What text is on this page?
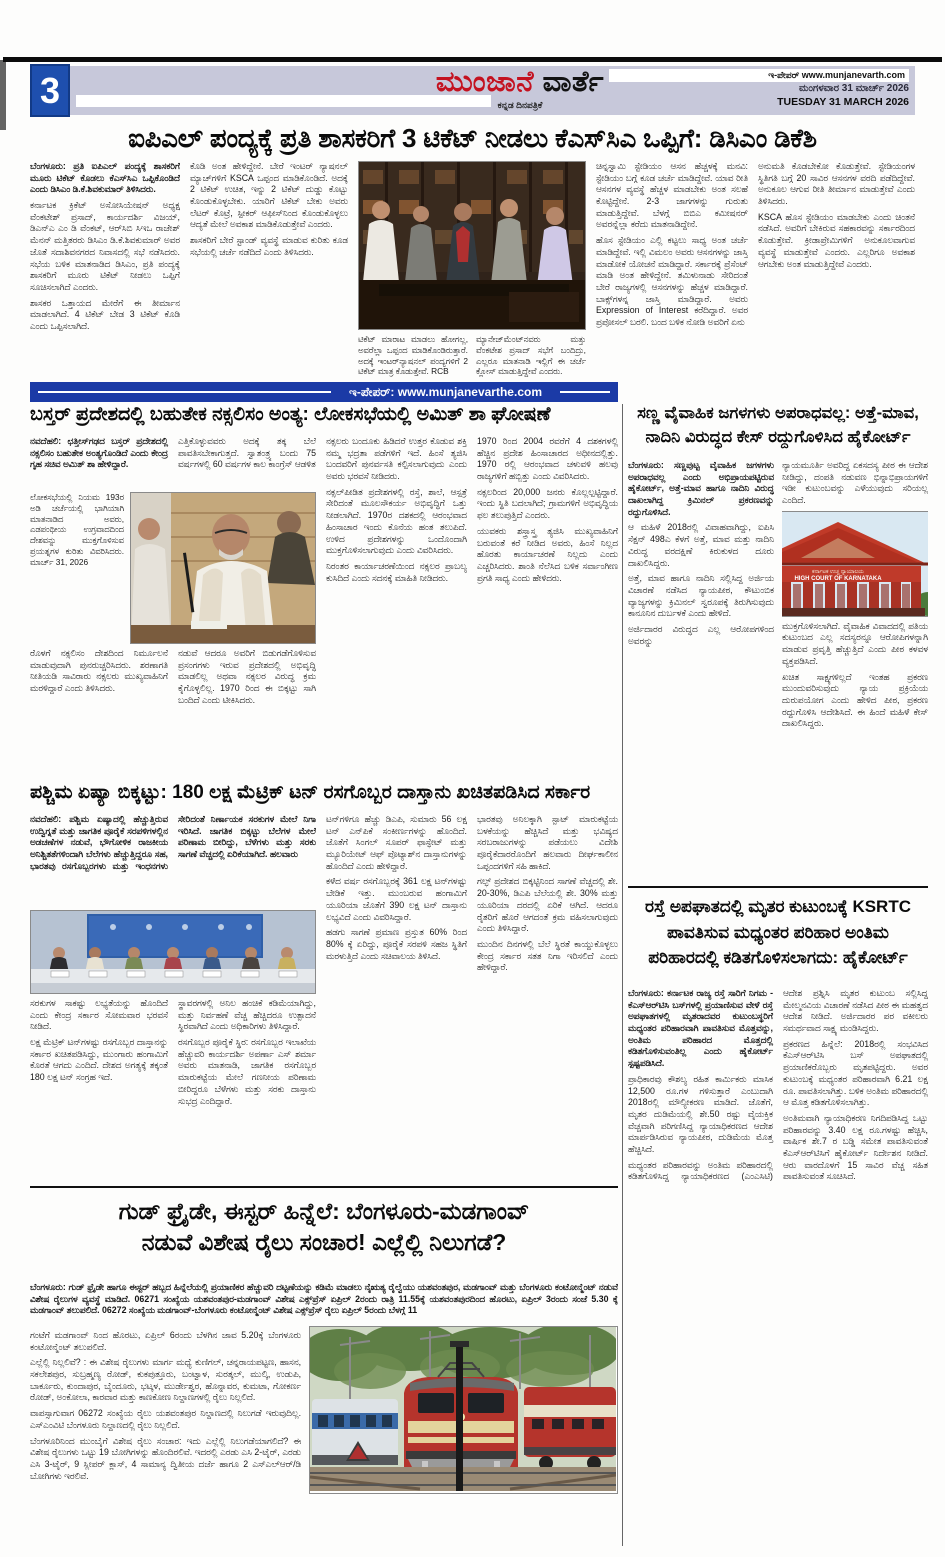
3	ಮುಂಜಾನೆ ವಾರ್ತೆ
ಕನ್ನಡ ದಿನಪತ್ರಿಕೆ
ಇ-ಪೇಪರ್ www.munjanevarth.com
ಮಂಗಳವಾರ 31 ಮಾರ್ಚ್ 2026
TUESDAY 31 MARCH 2026
ಐಪಿಎಲ್ ಪಂದ್ಯಕ್ಕೆ ಪ್ರತಿ ಶಾಸಕರಿಗೆ 3 ಟಿಕೆಟ್ ನೀಡಲು ಕೆಎಸ್‌ಸಿಎ ಒಪ್ಪಿಗೆ: ಡಿಸಿಎಂ ಡಿಕೆಶಿ

ಬೆಂಗಳೂರು: ಪ್ರತಿ ಐಪಿಎಲ್ ಪಂದ್ಯಕ್ಕೆ ಶಾಸಕರಿಗೆ ಮೂರು ಟಿಕೆಟ್ ಕೊಡಲು ಕೆಎಸ್‌ಸಿಎ ಒಪ್ಪಿಕೊಂಡಿದೆ ಎಂದು ಡಿಸಿಎಂ ಡಿ.ಕೆ.ಶಿವಕುಮಾರ್ ತಿಳಿಸಿದರು.

ಕರ್ನಾಟಕ ಕ್ರಿಕೆಟ್ ಅಸೋಸಿಯೇಷನ್ ಅಧ್ಯಕ್ಷ ವೆಂಕಟೇಶ್ ಪ್ರಸಾದ್, ಕಾರ್ಯದರ್ಶಿ ವಿಜಯ್, ಡಿಎನ್‌ಎ ಎಂ ಡಿ ವೆಂಕಟ್, ಆರ್‌ಸಿಬಿ ಸಿಇಒ ರಾಜೇಶ್ ಮೆನನ್ ಮತ್ತಿತರರು ಡಿಸಿಎಂ ಡಿ.ಕೆ.ಶಿವಕುಮಾರ್ ಅವರ ಜೊತೆ ಸದಾಶಿವನಗರದ ನಿವಾಸದಲ್ಲಿ ಸಭೆ ನಡೆಸಿದರು. ಸಭೆಯ ಬಳಿಕ ಮಾತನಾಡಿದ ಡಿಸಿಎಂ, ಪ್ರತಿ ಪಂದ್ಯಕ್ಕೆ ಶಾಸಕರಿಗೆ ಮೂರು ಟಿಕೆಟ್ ನೀಡಲು ಒಪ್ಪಿಗೆ ಸೂಚಿಸಲಾಗಿದೆ ಎಂದರು.

ಶಾಸಕರ ಒತ್ತಾಯದ ಮೇರೆಗೆ ಈ ತೀರ್ಮಾನ ಮಾಡಲಾಗಿದೆ. 4 ಟಿಕೆಟ್ ಬೇಡ 3 ಟಿಕೆಟ್ ಕೊಡಿ ಎಂದು ಒಪ್ಪಿಸಲಾಗಿದೆ.

ಕೊಡಿ ಅಂತ ಹೇಳಿದ್ದೇನೆ. ಬೇರೆ ಇಂಟರ್ ನ್ಯಾಷನಲ್ ಮ್ಯಾಚ್‌ಗಳಿಗೆ KSCA ಒಪ್ಪಂದ ಮಾಡಿಕೊಂಡಿದೆ. ಅದಕ್ಕೆ 2 ಟಿಕೆಟ್ ಉಚಿತ, ಇನ್ನು 2 ಟಿಕೆಟ್ ದುಡ್ಡು ಕೊಟ್ಟು ಕೊಂಡುಕೊಳ್ಳಬೇಕು. ಯಾರಿಗೆ ಟಿಕೆಟ್ ಬೇಕು ಅವರು ಲೆಟರ್ ಕೊಟ್ರೆ, ಸ್ಪೀಕರ್ ಆಫೀಸ್‌ನಿಂದ ಕೊಂಡುಕೊಳ್ಳಲು ಆದ್ಯತೆ ಮೇಲೆ ಅವಕಾಶ ಮಾಡಿಕೊಡುತ್ತೇವೆ ಎಂದರು.

ಶಾಸಕರಿಗೆ ಬೇರೆ ಸ್ಟಾಂಡ್ ವ್ಯವಸ್ಥೆ ಮಾಡುವ ಕುರಿತು ಕೂಡ ಸಭೆಯಲ್ಲಿ ಚರ್ಚೆ ನಡೆದಿದೆ ಎಂದು ತಿಳಿಸಿದರು.

ಟಿಕೆಟ್ ಮಾರಾಟ ಮಾಡಲು ಹೋಗಲ್ಲ, ಅವರೆಲ್ಲಾ ಒಪ್ಪಂದ ಮಾಡಿಕೊಂಡಿರುತ್ತಾರೆ. ಅದಕ್ಕೆ ಇಂಟರ್‌ನ್ಯಾಷನಲ್ ಪಂದ್ಯಗಳಿಗೆ 2 ಟಿಕೆಟ್ ಮಾತ್ರ ಕೊಡುತ್ತೇವೆ. RCB

ಮ್ಯಾನೇಜ್‌ಮೆಂಟ್‌ನವರು ಮತ್ತು ವೆಂಕಟೇಶ ಪ್ರಸಾದ್ ಸಭೆಗೆ ಬಂದಿದ್ರು, ಎಲ್ಲರೂ ಮಾತನಾಡಿ ಇಲ್ಲಿಗೆ ಈ ಚರ್ಚೆ ಕ್ಲೋಸ್ ಮಾಡುತ್ತಿದ್ದೇವೆ ಎಂದರು.

ಚಿನ್ನಸ್ವಾಮಿ ಸ್ಟೇಡಿಯಂ ಆಸನ ಹೆಚ್ಚಳಕ್ಕೆ ಮನವಿ: ಸ್ಟೇಡಿಯಂ ಬಗ್ಗೆ ಕೂಡ ಚರ್ಚೆ ಮಾಡಿದ್ದೇವೆ. ಯಾವ ರೀತಿ ಆಸನಗಳ ವ್ಯವಸ್ಥೆ ಹೆಚ್ಚಳ ಮಾಡಬೇಕು ಅಂತ ಸಲಹೆ ಕೊಟ್ಟಿದ್ದೇನೆ. 2-3 ಜಾಗಗಳನ್ನು ಗುರುತು ಮಾಡುತ್ತಿದ್ದೇವೆ. ಬೆಳಗ್ಗೆ ಬಿಬಿಎ ಕಮೀಷನರ್ ಅವರನ್ನೆಲ್ಲಾ ಕರೆದು ಮಾತನಾಡಿದ್ದೇನೆ.

ಹೊಸ ಸ್ಟೇಡಿಯಂ ಎಲ್ಲಿ ಕಟ್ಟಲು ಸಾಧ್ಯ ಅಂತ ಚರ್ಚೆ ಮಾಡಿದ್ದೇವೆ. ಇಲ್ಲಿ ವಿಮಲಂ ಅವರು ಆಸನಗಳನ್ನು ಜಾಸ್ತಿ ಮಾಡೋಕೆ ಯೋಚನೆ ಮಾಡಿದ್ದಾರೆ. ಸರ್ಕಾರಕ್ಕೆ ಪ್ರೆಸೆಂಟ್ ಮಾಡಿ ಅಂತ ಹೇಳಿದ್ದೇನೆ. ತಮಿಳುನಾಡು ಸೇರಿದಂತೆ ಬೇರೆ ರಾಜ್ಯಗಳಲ್ಲಿ ಆಸನಗಳನ್ನು ಹೆಚ್ಚಳ ಮಾಡಿದ್ದಾರೆ. ಬಾಕ್ಸ್‌ಗಳನ್ನ ಜಾಸ್ತಿ ಮಾಡಿದ್ದಾರೆ. ಅವರು Expression of Interest ಕರೆದಿದ್ದಾರೆ. ಅವರ ಪ್ರಪೋಸಲ್ ಬರಲಿ. ಬಂದ ಬಳಿಕ ನೋಡಿ ಅವರಿಗೆ ಏನು

ಅನುಮತಿ ಕೊಡಬೇಕೋ ಕೊಡುತ್ತೇವೆ. ಸ್ಟೇಡಿಯಂಗಳ ಸ್ಥಿತಿಗತಿ ಬಗ್ಗೆ 20 ಸಾವಿರ ಆಸನಗಳ ವರದಿ ಪಡೆದಿದ್ದೇವೆ. ಅನುಕೂಲ ಆಗುವ ರೀತಿ ತೀರ್ಮಾನ ಮಾಡುತ್ತೇವೆ ಎಂದು ತಿಳಿಸಿದರು.

KSCA ಹೊಸ ಸ್ಟೇಡಿಯಂ ಮಾಡಬೇಕು ಎಂದು ಚಿಂತನೆ ನಡೆಸಿದೆ. ಅವರಿಗೆ ಬೇಕಿರುವ ಸಹಕಾರವನ್ನು ಸರ್ಕಾರದಿಂದ ಕೊಡುತ್ತೇವೆ. ಕ್ರೀಡಾಪ್ರೇಮಿಗಳಿಗೆ ಅನುಕೂಲವಾಗುವ ವ್ಯವಸ್ಥೆ ಮಾಡುತ್ತೇವೆ ಎಂದರು. ಎಲ್ಲರಿಗೂ ಅವಕಾಶ ಆಗಬೇಕು ಅಂತ ಮಾಡುತ್ತಿದ್ದೇವೆ ಎಂದರು.

ಇ-ಪೇಪರ್: www.munjanevarthe.com
ಬಸ್ತರ್ ಪ್ರದೇಶದಲ್ಲಿ ಬಹುತೇಕ ನಕ್ಸಲಿಸಂ ಅಂತ್ಯ: ಲೋಕಸಭೆಯಲ್ಲಿ ಅಮಿತ್ ಶಾ ಘೋಷಣೆ

ನವದೆಹಲಿ: ಛತ್ತೀಸ್‌ಗಢದ ಬಸ್ತರ್ ಪ್ರದೇಶದಲ್ಲಿ ನಕ್ಸಲಿಸಂ ಬಹುತೇಕ ಅಂತ್ಯಗೊಂಡಿದೆ ಎಂದು ಕೇಂದ್ರ ಗೃಹ ಸಚಿವ ಅಮಿತ್ ಶಾ ಹೇಳಿದ್ದಾರೆ.

ಎತ್ತಿಕೊಳ್ಳುವವರು ಅದಕ್ಕೆ ತಕ್ಕ ಬೆಲೆ ಪಾವತಿಸಬೇಕಾಗುತ್ತದೆ. ಸ್ವಾತಂತ್ರ್ಯ ಬಂದು 75 ವರ್ಷಗಳಲ್ಲಿ 60 ವರ್ಷಗಳ ಕಾಲ ಕಾಂಗ್ರೆಸ್ ಆಡಳಿತ

ಲೋಕಸಭೆಯಲ್ಲಿ ನಿಯಮ 193ರ ಅಡಿ ಚರ್ಚೆಯಲ್ಲಿ ಭಾಗಿಯಾಗಿ ಮಾತನಾಡಿದ ಅವರು, ಎಡಪಂಥೀಯ ಉಗ್ರವಾದದಿಂದ ದೇಶವನ್ನು ಮುಕ್ತಗೊಳಿಸುವ ಪ್ರಯತ್ನಗಳ ಕುರಿತು ವಿವರಿಸಿದರು. ಮಾರ್ಚ್ 31, 2026

ರೊಳಗೆ ನಕ್ಸಲಿಸಂ ದೇಶದಿಂದ ನಿರ್ಮೂಲನೆ ಮಾಡುವುದಾಗಿ ಪುನರುಚ್ಚರಿಸಿದರು. ಶರಣಾಗತಿ ನೀತಿಯಡಿ ಸಾವಿರಾರು ನಕ್ಸಲರು ಮುಖ್ಯವಾಹಿನಿಗೆ ಮರಳಿದ್ದಾರೆ ಎಂದು ತಿಳಿಸಿದರು.

ನಡುವೆ ಆದರೂ ಅವರಿಗೆ ಬಿಡುಗಡೆಗೊಳಿಸುವ ಪ್ರಸಂಗಗಳು ಇರುವ ಪ್ರದೇಶದಲ್ಲಿ ಅಭಿವೃದ್ಧಿ ಮಾಡಲಿಲ್ಲ ಅಥವಾ ನಕ್ಸಲರ ವಿರುದ್ಧ ಕ್ರಮ ಕೈಗೊಳ್ಳಲಿಲ್ಲ. 1970 ರಿಂದ ಈ ಬಿಕ್ಕಟ್ಟು ಸಾಗಿ ಬಂದಿದೆ ಎಂದು ಟೀಕಿಸಿದರು.

ನಕ್ಸಲರು ಬಂದೂಕು ಹಿಡಿದರೆ ಉತ್ತರ ಕೊಡುವ ಶಕ್ತಿ ನಮ್ಮ ಭದ್ರತಾ ಪಡೆಗಳಿಗೆ ಇದೆ. ಹಿಂಸೆ ತ್ಯಜಿಸಿ ಬಂದವರಿಗೆ ಪುನರ್ವಸತಿ ಕಲ್ಪಿಸಲಾಗುವುದು ಎಂದು ಅವರು ಭರವಸೆ ನೀಡಿದರು.

ನಕ್ಸಲ್‌ಪೀಡಿತ ಪ್ರದೇಶಗಳಲ್ಲಿ ರಸ್ತೆ, ಶಾಲೆ, ಆಸ್ಪತ್ರೆ ಸೇರಿದಂತೆ ಮೂಲಸೌಕರ್ಯ ಅಭಿವೃದ್ಧಿಗೆ ಒತ್ತು ನೀಡಲಾಗಿದೆ. 1970ರ ದಶಕದಲ್ಲಿ ಆರಂಭವಾದ ಹಿಂಸಾಚಾರ ಇಂದು ಕೊನೆಯ ಹಂತ ತಲುಪಿದೆ. ಉಳಿದ ಪ್ರದೇಶಗಳನ್ನು ಒಂದೊಂದಾಗಿ ಮುಕ್ತಗೊಳಿಸಲಾಗುವುದು ಎಂದು ವಿವರಿಸಿದರು.

ನಿರಂತರ ಕಾರ್ಯಾಚರಣೆಯಿಂದ ನಕ್ಸಲರ ಪ್ರಾಬಲ್ಯ ಕುಸಿದಿದೆ ಎಂದು ಸದನಕ್ಕೆ ಮಾಹಿತಿ ನೀಡಿದರು.

1970 ರಿಂದ 2004 ರವರೆಗೆ 4 ದಶಕಗಳಲ್ಲಿ ಹೆಚ್ಚಿನ ಪ್ರದೇಶ ಹಿಂಸಾಚಾರದ ಅಧೀನದಲ್ಲಿತ್ತು. 1970 ರಲ್ಲಿ ಆರಂಭವಾದ ಚಳುವಳಿ ಹಲವು ರಾಜ್ಯಗಳಿಗೆ ಹಬ್ಬಿತ್ತು ಎಂದು ವಿವರಿಸಿದರು.

ನಕ್ಸಲರಿಂದ 20,000 ಜನರು ಕೊಲ್ಲಲ್ಪಟ್ಟಿದ್ದಾರೆ. ಇಂದು ಸ್ಥಿತಿ ಬದಲಾಗಿದೆ; ಗ್ರಾಮಗಳಿಗೆ ಅಭಿವೃದ್ಧಿಯ ಫಲ ತಲುಪುತ್ತಿದೆ ಎಂದರು.

ಯುವಕರು ಶಸ್ತ್ರಾಸ್ತ್ರ ತ್ಯಜಿಸಿ ಮುಖ್ಯವಾಹಿನಿಗೆ ಬರುವಂತೆ ಕರೆ ನೀಡಿದ ಅವರು, ಹಿಂಸೆ ನಿಲ್ಲದ ಹೊರತು ಕಾರ್ಯಾಚರಣೆ ನಿಲ್ಲದು ಎಂದು ಎಚ್ಚರಿಸಿದರು. ಶಾಂತಿ ನೆಲೆಸಿದ ಬಳಿಕ ಸರ್ವಾಂಗೀಣ ಪ್ರಗತಿ ಸಾಧ್ಯ ಎಂದು ಹೇಳಿದರು.

ಪಶ್ಚಿಮ ಏಷ್ಯಾ ಬಿಕ್ಕಟ್ಟು: 180 ಲಕ್ಷ ಮೆಟ್ರಿಕ್ ಟನ್ ರಸಗೊಬ್ಬರ ದಾಸ್ತಾನು ಖಚಿತಪಡಿಸಿದ ಸರ್ಕಾರ

ನವದೆಹಲಿ: ಪಶ್ಚಿಮ ಏಷ್ಯಾದಲ್ಲಿ ಹೆಚ್ಚುತ್ತಿರುವ ಉದ್ವಿಗ್ನತೆ ಮತ್ತು ಜಾಗತಿಕ ಪೂರೈಕೆ ಸರಪಳಿಗಳಲ್ಲಿನ ಅಡಚಣೆಗಳ ನಡುವೆ, ಭೌಗೋಳಿಕ ರಾಜಕೀಯ ಅನಿಶ್ಚಿತತೆಗಳಿಂದಾಗಿ ಬೆಲೆಗಳು ಹೆಚ್ಚುತ್ತಿದ್ದರೂ ಸಹ, ಭಾರತವು ರಸಗೊಬ್ಬರಗಳು ಮತ್ತು ಇಂಧನಗಳು ಸೇರಿದಂತೆ ನಿರ್ಣಾಯಕ ಸರಕುಗಳ ಮೇಲೆ ನಿಗಾ ಇರಿಸಿದೆ. ಜಾಗತಿಕ ಬಿಕ್ಕಟ್ಟು ಬೆಲೆಗಳ ಮೇಲೆ ಪರಿಣಾಮ ಬೀರಿದ್ದು, ಬೆಳೆಗಳು ಮತ್ತು ಸರಕು ಸಾಗಣೆ ವೆಚ್ಚದಲ್ಲಿ ಏರಿಕೆಯಾಗಿದೆ. ಹಲವಾರು

ಸರಕುಗಳ ಸಾಕಷ್ಟು ಲಭ್ಯತೆಯನ್ನು ಹೊಂದಿದೆ ಎಂದು ಕೇಂದ್ರ ಸರ್ಕಾರ ಸೋಮವಾರ ಭರವಸೆ ನೀಡಿದೆ.

ಲಕ್ಷ ಮೆಟ್ರಿಕ್ ಟನ್‌ಗಳಷ್ಟು ರಸಗೊಬ್ಬರ ದಾಸ್ತಾನನ್ನು ಸರ್ಕಾರ ಖಚಿತಪಡಿಸಿದ್ದು, ಮುಂಗಾರು ಹಂಗಾಮಿಗೆ ಕೊರತೆ ಆಗದು ಎಂದಿದೆ. ದೇಶದ ಅಗತ್ಯಕ್ಕೆ ತಕ್ಕಂತೆ 180 ಲಕ್ಷ ಟನ್ ಸಂಗ್ರಹ ಇದೆ.

ಸ್ಥಾವರಗಳಲ್ಲಿ ಅನಿಲ ಹಂಚಿಕೆ ಕಡಿಮೆಯಾಗಿದ್ದು, ಮತ್ತು ನಿರ್ವಹಣೆ ವೆಚ್ಚ ಹೆಚ್ಚಿದರೂ ಉತ್ಪಾದನೆ ಸ್ಥಿರವಾಗಿದೆ ಎಂದು ಅಧಿಕಾರಿಗಳು ತಿಳಿಸಿದ್ದಾರೆ.

ರಸಗೊಬ್ಬರ ಪೂರೈಕೆ ಸ್ಥಿರ: ರಸಗೊಬ್ಬರ ಇಲಾಖೆಯ ಹೆಚ್ಚುವರಿ ಕಾರ್ಯದರ್ಶಿ ಅಪರ್ಣಾ ಎಸ್ ಶರ್ಮಾ ಅವರು ಮಾತನಾಡಿ, ಜಾಗತಿಕ ರಸಗೊಬ್ಬರ ಮಾರುಕಟ್ಟೆಯ ಮೇಲೆ ಗಣನೀಯ ಪರಿಣಾಮ ಬೀರಿದ್ದರೂ ಬೆಳೆಗಳು ಮತ್ತು ಸರಕು ದಾಸ್ತಾನು ಸುಭದ್ರ ಎಂದಿದ್ದಾರೆ.

ಟನ್‌ಗಳಿಗೂ ಹೆಚ್ಚು ಡಿಎಪಿ, ಸುಮಾರು 56 ಲಕ್ಷ ಟನ್ ಎನ್‌ಪಿಕೆ ಸಂಕೀರ್ಣಗಳನ್ನು ಹೊಂದಿದೆ. ಜೊತೆಗೆ ಸಿಂಗಲ್ ಸೂಪರ್ ಫಾಸ್ಫೇಟ್ ಮತ್ತು ಮ್ಯೂರಿಯೇಟ್ ಆಫ್ ಪೊಟ್ಯಾಶ್‌ನ ದಾಸ್ತಾನುಗಳನ್ನು ಹೊಂದಿದೆ ಎಂದು ಹೇಳಿದ್ದಾರೆ.

ಕಳೆದ ವರ್ಷ ರಸಗೊಬ್ಬರಕ್ಕೆ 361 ಲಕ್ಷ ಟನ್‌ಗಳಷ್ಟು ಬೇಡಿಕೆ ಇತ್ತು. ಮುಂಬರುವ ಹಂಗಾಮಿಗೆ ಯೂರಿಯಾ ಜೊತೆಗೆ 390 ಲಕ್ಷ ಟನ್ ದಾಸ್ತಾನು ಲಭ್ಯವಿದೆ ಎಂದು ವಿವರಿಸಿದ್ದಾರೆ.

ಹಡಗು ಸಾಗಣೆ ಪ್ರಮಾಣ ಪ್ರಸ್ತುತ 60% ರಿಂದ 80% ಕ್ಕೆ ಏರಿದ್ದು, ಪೂರೈಕೆ ಸರಪಳಿ ಸಹಜ ಸ್ಥಿತಿಗೆ ಮರಳುತ್ತಿದೆ ಎಂದು ಸಚಿವಾಲಯ ತಿಳಿಸಿದೆ.

ಭಾರತವು ಅನಿಲಕ್ಕಾಗಿ ಸ್ಪಾಟ್ ಮಾರುಕಟ್ಟೆಯ ಬಳಕೆಯನ್ನು ಹೆಚ್ಚಿಸಿದೆ ಮತ್ತು ಭವಿಷ್ಯದ ಸರಬರಾಜುಗಳನ್ನು ಪಡೆಯಲು ವಿದೇಶಿ ಪೂರೈಕೆದಾರರೊಂದಿಗೆ ಹಲವಾರು ದೀರ್ಘಕಾಲೀನ ಒಪ್ಪಂದಗಳಿಗೆ ಸಹಿ ಹಾಕಿದೆ.

ಗಲ್ಫ್ ಪ್ರದೇಶದ ಬಿಕ್ಕಟ್ಟಿನಿಂದ ಸಾಗಣೆ ವೆಚ್ಚದಲ್ಲಿ ಶೇ. 20-30%, ಡಿಎಪಿ ಬೆಲೆಯಲ್ಲಿ ಶೇ. 30% ಮತ್ತು ಯೂರಿಯಾ ದರದಲ್ಲಿ ಏರಿಕೆ ಆಗಿದೆ. ಆದರೂ ರೈತರಿಗೆ ಹೊರೆ ಆಗದಂತೆ ಕ್ರಮ ವಹಿಸಲಾಗುವುದು ಎಂದು ತಿಳಿಸಿದ್ದಾರೆ.

ಮುಂದಿನ ದಿನಗಳಲ್ಲಿ ಬೆಲೆ ಸ್ಥಿರತೆ ಕಾಯ್ದುಕೊಳ್ಳಲು ಕೇಂದ್ರ ಸರ್ಕಾರ ಸತತ ನಿಗಾ ಇರಿಸಲಿದೆ ಎಂದು ಹೇಳಿದ್ದಾರೆ.

ಗುಡ್ ಫ್ರೈಡೇ, ಈಸ್ಟರ್ ಹಿನ್ನೆಲೆ: ಬೆಂಗಳೂರು-ಮಡಗಾಂವ್
ನಡುವೆ ವಿಶೇಷ ರೈಲು ಸಂಚಾರ! ಎಲ್ಲೆಲ್ಲಿ ನಿಲುಗಡೆ?

ಬೆಂಗಳೂರು: ಗುಡ್ ಫ್ರೈಡೇ ಹಾಗೂ ಈಸ್ಟರ್ ಹಬ್ಬದ ಹಿನ್ನೆಲೆಯಲ್ಲಿ ಪ್ರಯಾಣಿಕರ ಹೆಚ್ಚುವರಿ ದಟ್ಟಣೆಯನ್ನು ಕಡಿಮೆ ಮಾಡಲು ನೈಋತ್ಯ ರೈಲ್ವೆಯು ಯಶವಂತಪುರ, ಮಡಗಾಂವ್ ಮತ್ತು ಬೆಂಗಳೂರು ಕಂಟೋನ್ಮೆಂಟ್ ನಡುವೆ ವಿಶೇಷ ರೈಲುಗಳ ವ್ಯವಸ್ಥೆ ಮಾಡಿದೆ. 06271 ಸಂಖ್ಯೆಯ ಯಶವಂತಪುರ-ಮಡಗಾಂವ್ ವಿಶೇಷ ಎಕ್ಸ್‌ಪ್ರೆಸ್ ಏಪ್ರಿಲ್ 2ರಂದು ರಾತ್ರಿ 11.55ಕ್ಕೆ ಯಶವಂತಪುರದಿಂದ ಹೊರಟು, ಏಪ್ರಿಲ್ 3ರಂದು ಸಂಜೆ 5.30 ಕ್ಕೆ ಮಡಗಾಂವ್ ತಲುಪಲಿದೆ. 06272 ಸಂಖ್ಯೆಯ ಮಡಗಾಂವ್-ಬೆಂಗಳೂರು ಕಂಟೋನ್ಮೆಂಟ್ ವಿಶೇಷ ಎಕ್ಸ್‌ಪ್ರೆಸ್ ರೈಲು ಏಪ್ರಿಲ್ 5ರಂದು ಬೆಳಗ್ಗೆ 11

ಗಂಟೆಗೆ ಮಡಗಾಂವ್ ನಿಂದ ಹೊರಟು, ಏಪ್ರಿಲ್ 6ರಂದು ಬೆಳಗಿನ ಜಾವ 5.20ಕ್ಕೆ ಬೆಂಗಳೂರು ಕಂಟೋನ್ಮೆಂಟ್ ತಲುಪಲಿದೆ.

ಎಲ್ಲೆಲ್ಲಿ ನಿಲ್ಲಲಿವೆ? : ಈ ವಿಶೇಷ ರೈಲುಗಳು ಮಾರ್ಗ ಮಧ್ಯೆ ಕುಣಿಗಲ್, ಚನ್ನರಾಯಪಟ್ಟಣ, ಹಾಸನ, ಸಕಲೇಶಪುರ, ಸುಬ್ರಹ್ಮಣ್ಯ ರೋಡ್, ಕುಕಪುತ್ತೂರು, ಬಂಟ್ವಾಳ, ಸುರತ್ಕಲ್, ಮುಲ್ಕಿ, ಉಡುಪಿ, ಬಾರ್ಕೂರು, ಕುಂದಾಪುರ, ಬೈಂದೂರು, ಭಟ್ಕಳ, ಮುರ್ಡೇಶ್ವರ, ಹೊನ್ನಾವರ, ಕುಮಟಾ, ಗೋಕರ್ಣ ರೋಡ್, ಅಂಕೋಲಾ, ಕಾರವಾರ ಮತ್ತು ಕಾಣಕೋಣ ನಿಲ್ದಾಣಗಳಲ್ಲಿ ರೈಲು ನಿಲ್ಲಲಿದೆ.

ವಾಪಸ್ಸಾಗುವಾಗ 06272 ಸಂಖ್ಯೆಯ ರೈಲು ಯಶವಂತಪುರ ನಿಲ್ದಾಣದಲ್ಲಿ ನಿಲುಗಡೆ ಇರುವುದಿಲ್ಲ. ಎಸ್‌ಎಂವಿಟಿ ಬೆಂಗಳೂರು ನಿಲ್ದಾಣದಲ್ಲಿ ರೈಲು ನಿಲ್ಲಲಿದೆ.

ಬೆಂಗಳೂರಿನಿಂದ ಮುಂಬೈಗೆ ವಿಶೇಷ ರೈಲು ಸಂಚಾರ: ಇದು ಎಲ್ಲೆಲ್ಲಿ ನಿಲುಗಡೆಯಾಗಲಿದೆ? ಈ ವಿಶೇಷ ರೈಲುಗಳು ಒಟ್ಟು 19 ಬೋಗಿಗಳನ್ನು ಹೊಂದಿರಲಿವೆ. ಇದರಲ್ಲಿ ಎರಡು ಎಸಿ 2-ಟೈರ್, ಎರಡು ಎಸಿ 3-ಟೈರ್, 9 ಸ್ಲೀಪರ್ ಕ್ಲಾಸ್, 4 ಸಾಮಾನ್ಯ ದ್ವಿತೀಯ ದರ್ಜೆ ಹಾಗೂ 2 ಎಸ್‌ಎಲ್‌ಆರ್/ಡಿ ಬೋಗಿಗಳು ಇರಲಿವೆ.

ಸಣ್ಣ ವೈವಾಹಿಕ ಜಗಳಗಳು ಅಪರಾಧವಲ್ಲ: ಅತ್ತೆ-ಮಾವ, ನಾದಿನಿ ವಿರುದ್ಧದ ಕೇಸ್ ರದ್ದುಗೊಳಿಸಿದ ಹೈಕೋರ್ಟ್

ಬೆಂಗಳೂರು: ಸಣ್ಣಪುಟ್ಟ ವೈವಾಹಿಕ ಜಗಳಗಳು ಅಪರಾಧವಲ್ಲ ಎಂದು ಅಭಿಪ್ರಾಯಪಟ್ಟಿರುವ ಹೈಕೋರ್ಟ್, ಅತ್ತೆ-ಮಾವ ಹಾಗೂ ನಾದಿನಿ ವಿರುದ್ಧ ದಾಖಲಾಗಿದ್ದ ಕ್ರಿಮಿನಲ್ ಪ್ರಕರಣವನ್ನು ರದ್ದುಗೊಳಿಸಿದೆ.

ಆ ಮಹಿಳೆ 2018ರಲ್ಲಿ ವಿವಾಹವಾಗಿದ್ದು, ಐಪಿಸಿ ಸೆಕ್ಷನ್ 498ಎ ಕೆಳಗೆ ಅತ್ತೆ, ಮಾವ ಮತ್ತು ನಾದಿನಿ ವಿರುದ್ಧ ವರದಕ್ಷಿಣೆ ಕಿರುಕುಳದ ದೂರು ದಾಖಲಿಸಿದ್ದರು.

ಅತ್ತೆ, ಮಾವ ಹಾಗೂ ನಾದಿನಿ ಸಲ್ಲಿಸಿದ್ದ ಅರ್ಜಿಯ ವಿಚಾರಣೆ ನಡೆಸಿದ ನ್ಯಾಯಪೀಠ, ಕೌಟುಂಬಿಕ ವ್ಯಾಜ್ಯಗಳನ್ನು ಕ್ರಿಮಿನಲ್ ಸ್ವರೂಪಕ್ಕೆ ತಿರುಗಿಸುವುದು ಕಾನೂನಿನ ದುರ್ಬಳಕೆ ಎಂದು ಹೇಳಿದೆ.

ಅರ್ಜಿದಾರರ ವಿರುದ್ಧದ ಎಲ್ಲ ಆರೋಪಗಳಿಂದ ಅವರನ್ನು

ನ್ಯಾಯಮೂರ್ತಿ ಅವರಿದ್ದ ಏಕಸದಸ್ಯ ಪೀಠ ಈ ಆದೇಶ ನೀಡಿದ್ದು, ದಂಪತಿ ನಡುವಣ ಭಿನ್ನಾಭಿಪ್ರಾಯಗಳಿಗೆ ಇಡೀ ಕುಟುಂಬವನ್ನು ಎಳೆಯುವುದು ಸರಿಯಲ್ಲ ಎಂದಿದೆ.

ಕರ್ನಾಟಕ ಉಚ್ಚ ನ್ಯಾಯಾಲಯ
HIGH COURT OF KARNATAKA

ಮುಕ್ತಗೊಳಿಸಲಾಗಿದೆ. ವೈವಾಹಿಕ ವಿವಾದದಲ್ಲಿ ಪತಿಯ ಕುಟುಂಬದ ಎಲ್ಲ ಸದಸ್ಯರನ್ನೂ ಆರೋಪಿಗಳನ್ನಾಗಿ ಮಾಡುವ ಪ್ರವೃತ್ತಿ ಹೆಚ್ಚುತ್ತಿದೆ ಎಂದು ಪೀಠ ಕಳವಳ ವ್ಯಕ್ತಪಡಿಸಿದೆ.

ಖಚಿತ ಸಾಕ್ಷ್ಯಗಳಿಲ್ಲದೆ ಇಂತಹ ಪ್ರಕರಣ ಮುಂದುವರಿಸುವುದು ನ್ಯಾಯ ಪ್ರಕ್ರಿಯೆಯ ದುರುಪಯೋಗ ಎಂದು ಹೇಳಿದ ಪೀಠ, ಪ್ರಕರಣ ರದ್ದುಗೊಳಿಸಿ ಆದೇಶಿಸಿದೆ. ಈ ಹಿಂದೆ ಮಹಿಳೆ ಕೇಸ್ ದಾಖಲಿಸಿದ್ದರು.

ರಸ್ತೆ ಅಪಘಾತದಲ್ಲಿ ಮೃತರ ಕುಟುಂಬಕ್ಕೆ KSRTC
ಪಾವತಿಸುವ ಮಧ್ಯಂತರ ಪರಿಹಾರ ಅಂತಿಮ
ಪರಿಹಾರದಲ್ಲಿ ಕಡಿತಗೊಳಿಸಲಾಗದು: ಹೈಕೋರ್ಟ್

ಬೆಂಗಳೂರು: ಕರ್ನಾಟಕ ರಾಜ್ಯ ರಸ್ತೆ ಸಾರಿಗೆ ನಿಗಮ - ಕೆಎಸ್‌ಆರ್‌ಟಿಸಿ ಬಸ್‌ಗಳಲ್ಲಿ ಪ್ರಯಾಣಿಸುವ ವೇಳೆ ರಸ್ತೆ ಅಪಘಾತಗಳಲ್ಲಿ ಮೃತರಾದವರ ಕುಟುಂಬಸ್ಥರಿಗೆ ಮಧ್ಯಂತರ ಪರಿಹಾರವಾಗಿ ಪಾವತಿಸುವ ಮೊತ್ತವನ್ನು, ಅಂತಿಮ ಪರಿಹಾರದ ಮೊತ್ತದಲ್ಲಿ ಕಡಿತಗೊಳಿಸುವಂತಿಲ್ಲ ಎಂದು ಹೈಕೋರ್ಟ್ ಸ್ಪಷ್ಟಪಡಿಸಿದೆ.

ಪ್ರಾಧಿಕಾರವು ಕೌಶಲ್ಯ ರಹಿತ ಕಾರ್ಮಿಕರು ಮಾಸಿಕ 12,500 ರೂ.ಗಳ ಗಳಿಸುತ್ತಾರೆ ಎಂಬುದಾಗಿ 2018ರಲ್ಲಿ ಮೌಲ್ಯೀಕರಣ ಮಾಡಿದೆ. ಜೊತೆಗೆ, ಮೃತರ ದುಡಿಮೆಯಲ್ಲಿ ಶೇ.50 ರಷ್ಟು ವೈಯಕ್ತಿಕ ವೆಚ್ಚವಾಗಿ ಪರಿಗಣಿಸಿದ್ದ ನ್ಯಾಯಾಧಿಕರಣದ ಆದೇಶ ಮಾರ್ಪಡಿಸಿರುವ ನ್ಯಾಯಪೀಠ, ದುಡಿಮೆಯ ಮೊತ್ತ ಹೆಚ್ಚಿಸಿದೆ.

ಮಧ್ಯಂತರ ಪರಿಹಾರವನ್ನು ಅಂತಿಮ ಪರಿಹಾರದಲ್ಲಿ ಕಡಿತಗೊಳಿಸಿದ್ದ ನ್ಯಾಯಾಧಿಕರಣದ (ಎಂಎಸಿಟಿ) ಆದೇಶ ಪ್ರಶ್ನಿಸಿ ಮೃತರ ಕುಟುಂಬ ಸಲ್ಲಿಸಿದ್ದ ಮೇಲ್ಮನವಿಯ ವಿಚಾರಣೆ ನಡೆಸಿದ ಪೀಠ ಈ ಮಹತ್ವದ ಆದೇಶ ನೀಡಿದೆ. ಅರ್ಜಿದಾರರ ಪರ ವಕೀಲರು ಸಮರ್ಥವಾದ ಸಾಕ್ಷ್ಯ ಮಂಡಿಸಿದ್ದರು.

ಪ್ರಕರಣದ ಹಿನ್ನೆಲೆ: 2018ರಲ್ಲಿ ಸಂಭವಿಸಿದ ಕೆಎಸ್‌ಆರ್‌ಟಿಸಿ ಬಸ್ ಅಪಘಾತದಲ್ಲಿ ಪ್ರಯಾಣಿಕರೊಬ್ಬರು ಮೃತಪಟ್ಟಿದ್ದರು. ಅವರ ಕುಟುಂಬಕ್ಕೆ ಮಧ್ಯಂತರ ಪರಿಹಾರವಾಗಿ 6.21 ಲಕ್ಷ ರೂ. ಪಾವತಿಸಲಾಗಿತ್ತು. ಬಳಿಕ ಅಂತಿಮ ಪರಿಹಾರದಲ್ಲಿ ಆ ಮೊತ್ತ ಕಡಿತಗೊಳಿಸಲಾಗಿತ್ತು.

ಅಂತಿಮವಾಗಿ ನ್ಯಾಯಾಧಿಕರಣ ನಿಗದಿಪಡಿಸಿದ್ದ ಒಟ್ಟು ಪರಿಹಾರವನ್ನು 3.40 ಲಕ್ಷ ರೂ.ಗಳಷ್ಟು ಹೆಚ್ಚಿಸಿ, ವಾರ್ಷಿಕ ಶೇ.7 ರ ಬಡ್ಡಿ ಸಮೇತ ಪಾವತಿಸುವಂತೆ ಕೆಎಸ್‌ಆರ್‌ಟಿಸಿಗೆ ಹೈಕೋರ್ಟ್ ನಿರ್ದೇಶನ ನೀಡಿದೆ. ಆರು ವಾರದೊಳಗೆ 15 ಸಾವಿರ ವೆಚ್ಚ ಸಹಿತ ಪಾವತಿಸುವಂತೆ ಸೂಚಿಸಿದೆ.
